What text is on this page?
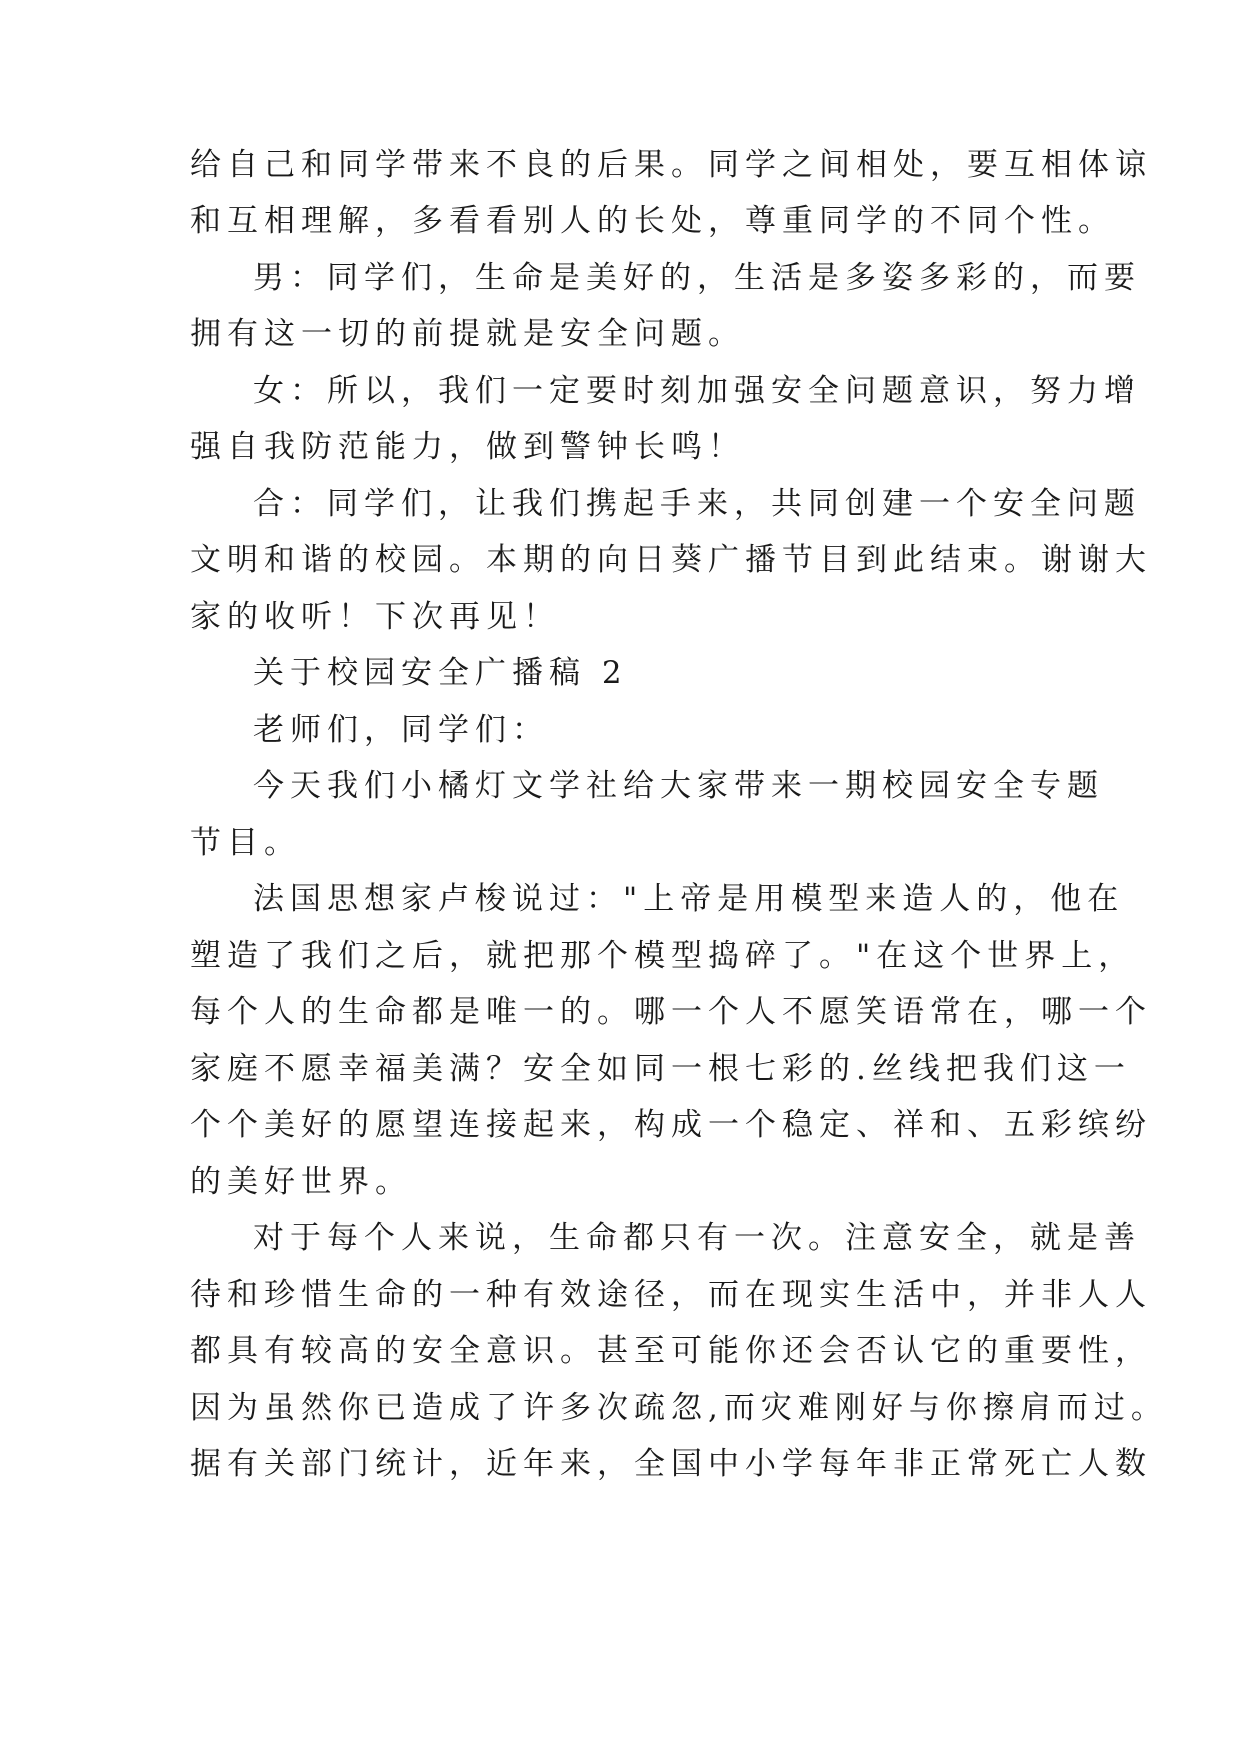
给自己和同学带来不良的后果。同学之间相处，要互相体谅
和互相理解，多看看别人的长处，尊重同学的不同个性。
男：同学们，生命是美好的，生活是多姿多彩的，而要
拥有这一切的前提就是安全问题。
女：所以，我们一定要时刻加强安全问题意识，努力增
强自我防范能力，做到警钟长鸣！
合：同学们，让我们携起手来，共同创建一个安全问题
文明和谐的校园。本期的向日葵广播节目到此结束。谢谢大
家的收听！下次再见！
关于校园安全广播稿 2
老师们，同学们：
今天我们小橘灯文学社给大家带来一期校园安全专题
节目。
法国思想家卢梭说过："上帝是用模型来造人的，他在
塑造了我们之后，就把那个模型捣碎了。"在这个世界上，
每个人的生命都是唯一的。哪一个人不愿笑语常在，哪一个
家庭不愿幸福美满？安全如同一根七彩的.丝线把我们这一
个个美好的愿望连接起来，构成一个稳定、祥和、五彩缤纷
的美好世界。
对于每个人来说，生命都只有一次。注意安全，就是善
待和珍惜生命的一种有效途径，而在现实生活中，并非人人
都具有较高的安全意识。甚至可能你还会否认它的重要性，
因为虽然你已造成了许多次疏忽,而灾难刚好与你擦肩而过。
据有关部门统计，近年来，全国中小学每年非正常死亡人数
